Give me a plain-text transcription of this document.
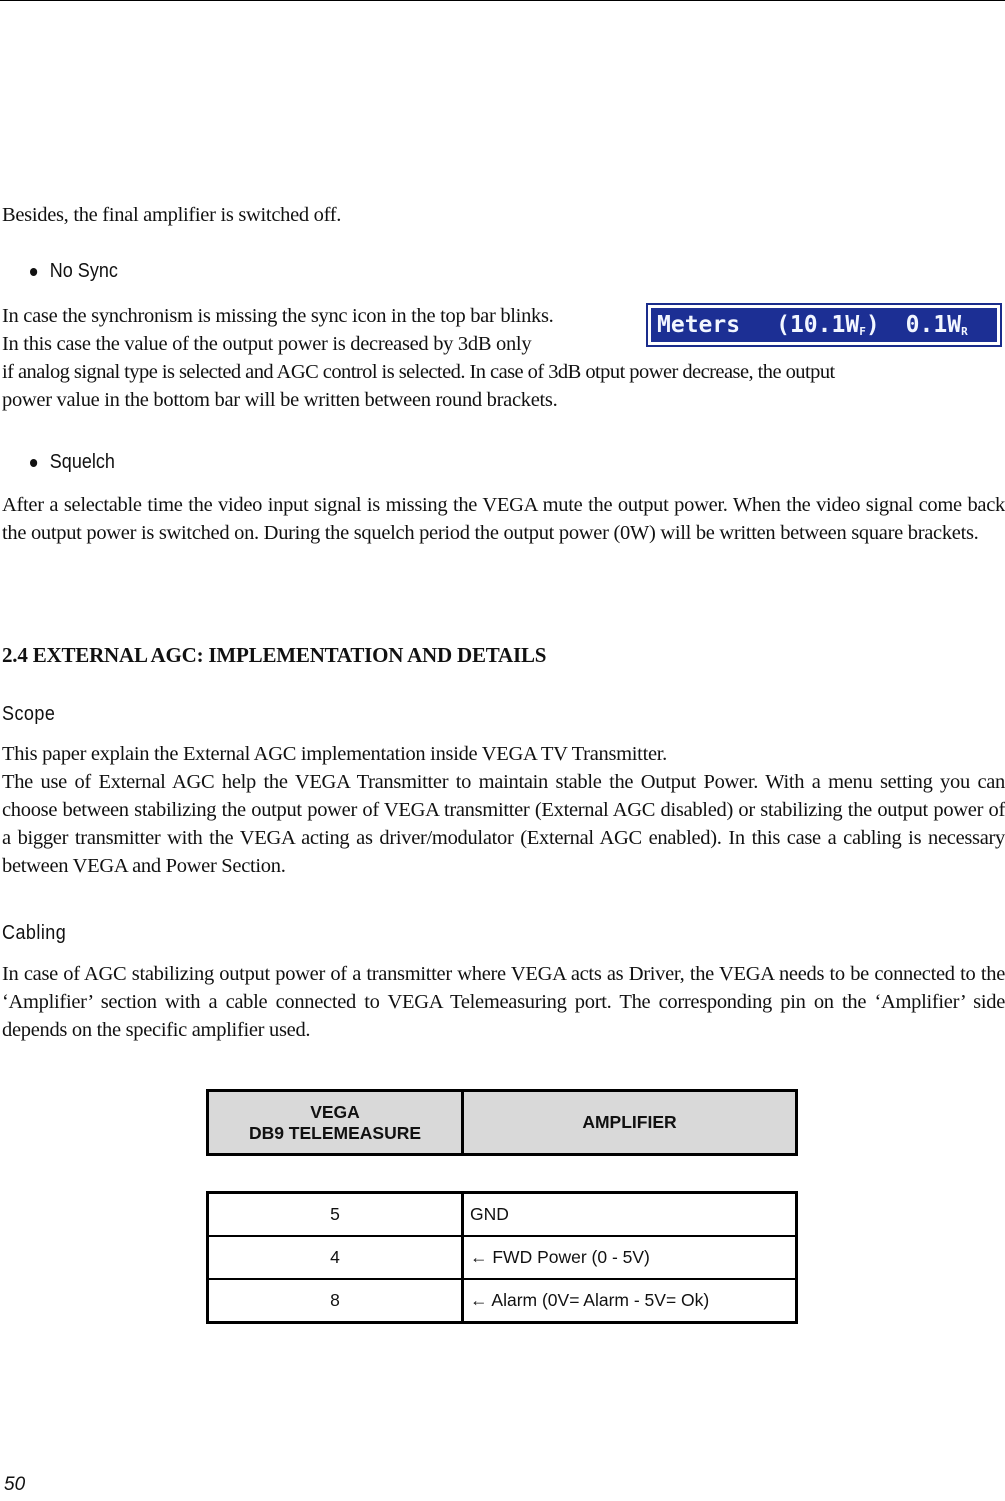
Besides, the final amplifier is switched off.

No Sync

In case the synchronism is missing the sync icon in the top bar blinks.

In this case the value of the output power is decreased by 3dB only

if analog signal type is selected and AGC control is selected. In case of 3dB otput power decrease, the output

power value in the bottom bar will be written between round brackets.

Meters $(10.1W_F)$ $0.1W_R$
Squelch

After a selectable time the video input signal is missing the VEGA mute the output power. When the video signal come back the output power is switched on. During the squelch period the output power (0W) will be written between square brackets.

2.4 EXTERNAL AGC: IMPLEMENTATION AND DETAILS
Scope

This paper explain the External AGC implementation inside VEGA TV Transmitter.

The use of External AGC help the VEGA Transmitter to maintain stable the Output Power. With a menu setting you can choose between stabilizing the output power of VEGA transmitter (External AGC disabled) or stabilizing the output power of a bigger transmitter with the VEGA acting as driver/modulator (External AGC enabled). In this case a cabling is necessary between VEGA and Power Section.

Cabling

In case of AGC stabilizing output power of a transmitter where VEGA acts as Driver, the VEGA needs to be connected to the ‘Amplifier’ section with a cable connected to VEGA Telemeasuring port. The corresponding pin on the ‘Amplifier’ side depends on the specific amplifier used.

VEGA
DB9 TELEMEASURE	AMPLIFIER
5	GND
4	← FWD Power (0 - 5V)
8	← Alarm (0V= Alarm - 5V= Ok)
50
